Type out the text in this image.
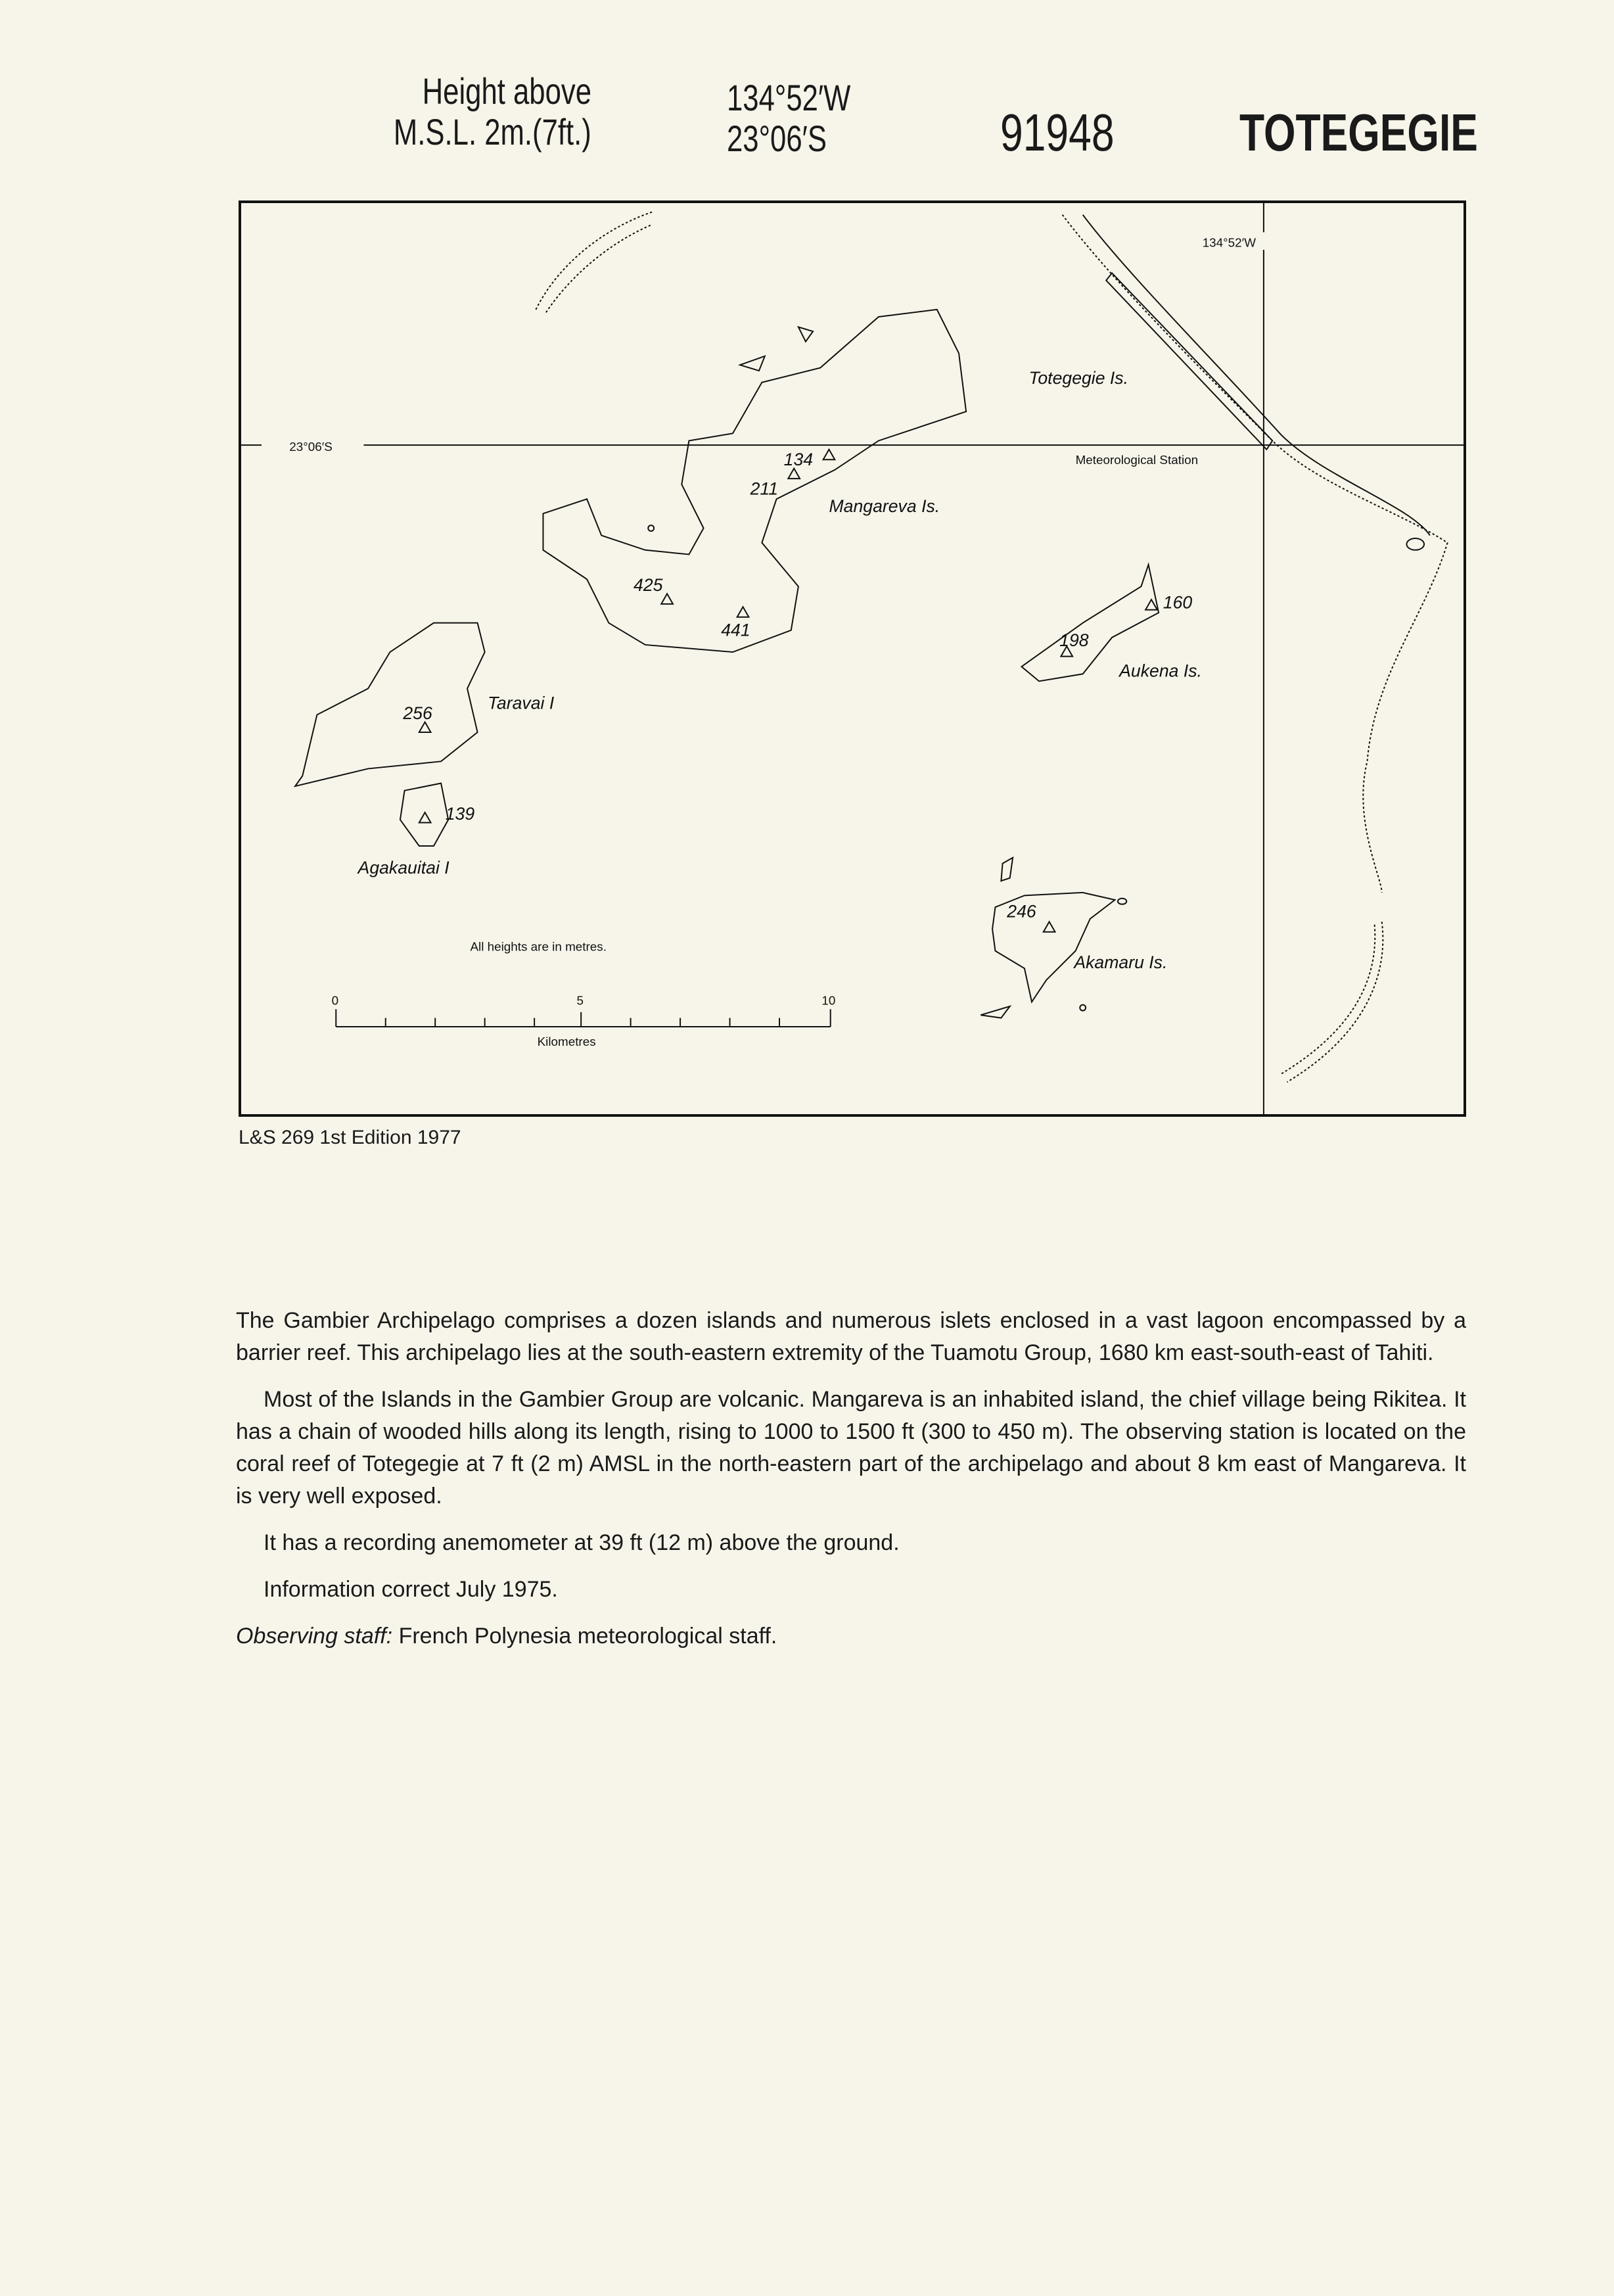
Height above
M.S.L. 2m.(7ft.)
134°52′W
23°06′S	91948	TOTEGEGIE
23°06′S
134°52′W
Totegegie Is.
Mangareva Is.
Aukena Is.
Taravai I
Agakauitai I
Akamaru Is.
134
211
425
441
160
198
256
139
246
Meteorological Station
All heights are in metres.
0	5	10
Kilometres
L&S 269 1st Edition 1977

The Gambier Archipelago comprises a dozen islands and numerous islets enclosed in a vast lagoon encompassed by a barrier reef. This archipelago lies at the south-eastern extremity of the Tuamotu Group, 1680 km east-south-east of Tahiti.

Most of the Islands in the Gambier Group are volcanic. Mangareva is an inhabited island, the chief village being Rikitea. It has a chain of wooded hills along its length, rising to 1000 to 1500 ft (300 to 450 m). The observing station is located on the coral reef of Totegegie at 7 ft (2 m) AMSL in the north-eastern part of the archipelago and about 8 km east of Mangareva. It is very well exposed.

It has a recording anemometer at 39 ft (12 m) above the ground.

Information correct July 1975.

Observing staff: French Polynesia meteorological staff.
